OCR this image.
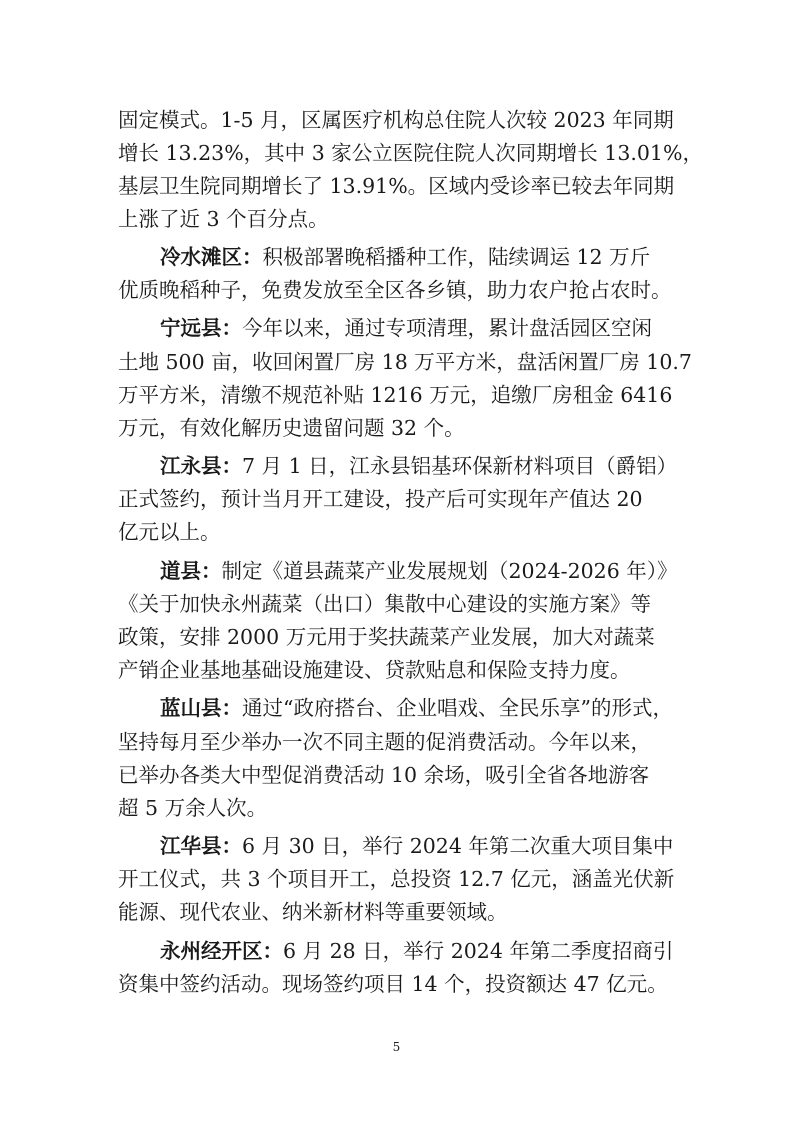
固定模式。1-5 月，区属医疗机构总住院人次较 2023 年同期
增长 13.23%，其中 3 家公立医院住院人次同期增长 13.01%，
基层卫生院同期增长了 13.91%。区域内受诊率已较去年同期
上涨了近 3 个百分点。
冷水滩区：积极部署晚稻播种工作，陆续调运 12 万斤
优质晚稻种子，免费发放至全区各乡镇，助力农户抢占农时。
宁远县：今年以来，通过专项清理，累计盘活园区空闲
土地 500 亩，收回闲置厂房 18 万平方米，盘活闲置厂房 10.7
万平方米，清缴不规范补贴 1216 万元，追缴厂房租金 6416
万元，有效化解历史遗留问题 32 个。
江永县：7 月 1 日，江永县铝基环保新材料项目（爵铝）
正式签约，预计当月开工建设，投产后可实现年产值达 20
亿元以上。
道县：制定《道县蔬菜产业发展规划（2024-2026 年）》
《关于加快永州蔬菜（出口）集散中心建设的实施方案》等
政策，安排 2000 万元用于奖扶蔬菜产业发展，加大对蔬菜
产销企业基地基础设施建设、贷款贴息和保险支持力度。
蓝山县：通过“政府搭台、企业唱戏、全民乐享”的形式，
坚持每月至少举办一次不同主题的促消费活动。今年以来，
已举办各类大中型促消费活动 10 余场，吸引全省各地游客
超 5 万余人次。
江华县：6 月 30 日，举行 2024 年第二次重大项目集中
开工仪式，共 3 个项目开工，总投资 12.7 亿元，涵盖光伏新
能源、现代农业、纳米新材料等重要领域。
永州经开区：6 月 28 日，举行 2024 年第二季度招商引
资集中签约活动。现场签约项目 14 个，投资额达 47 亿元。
5
